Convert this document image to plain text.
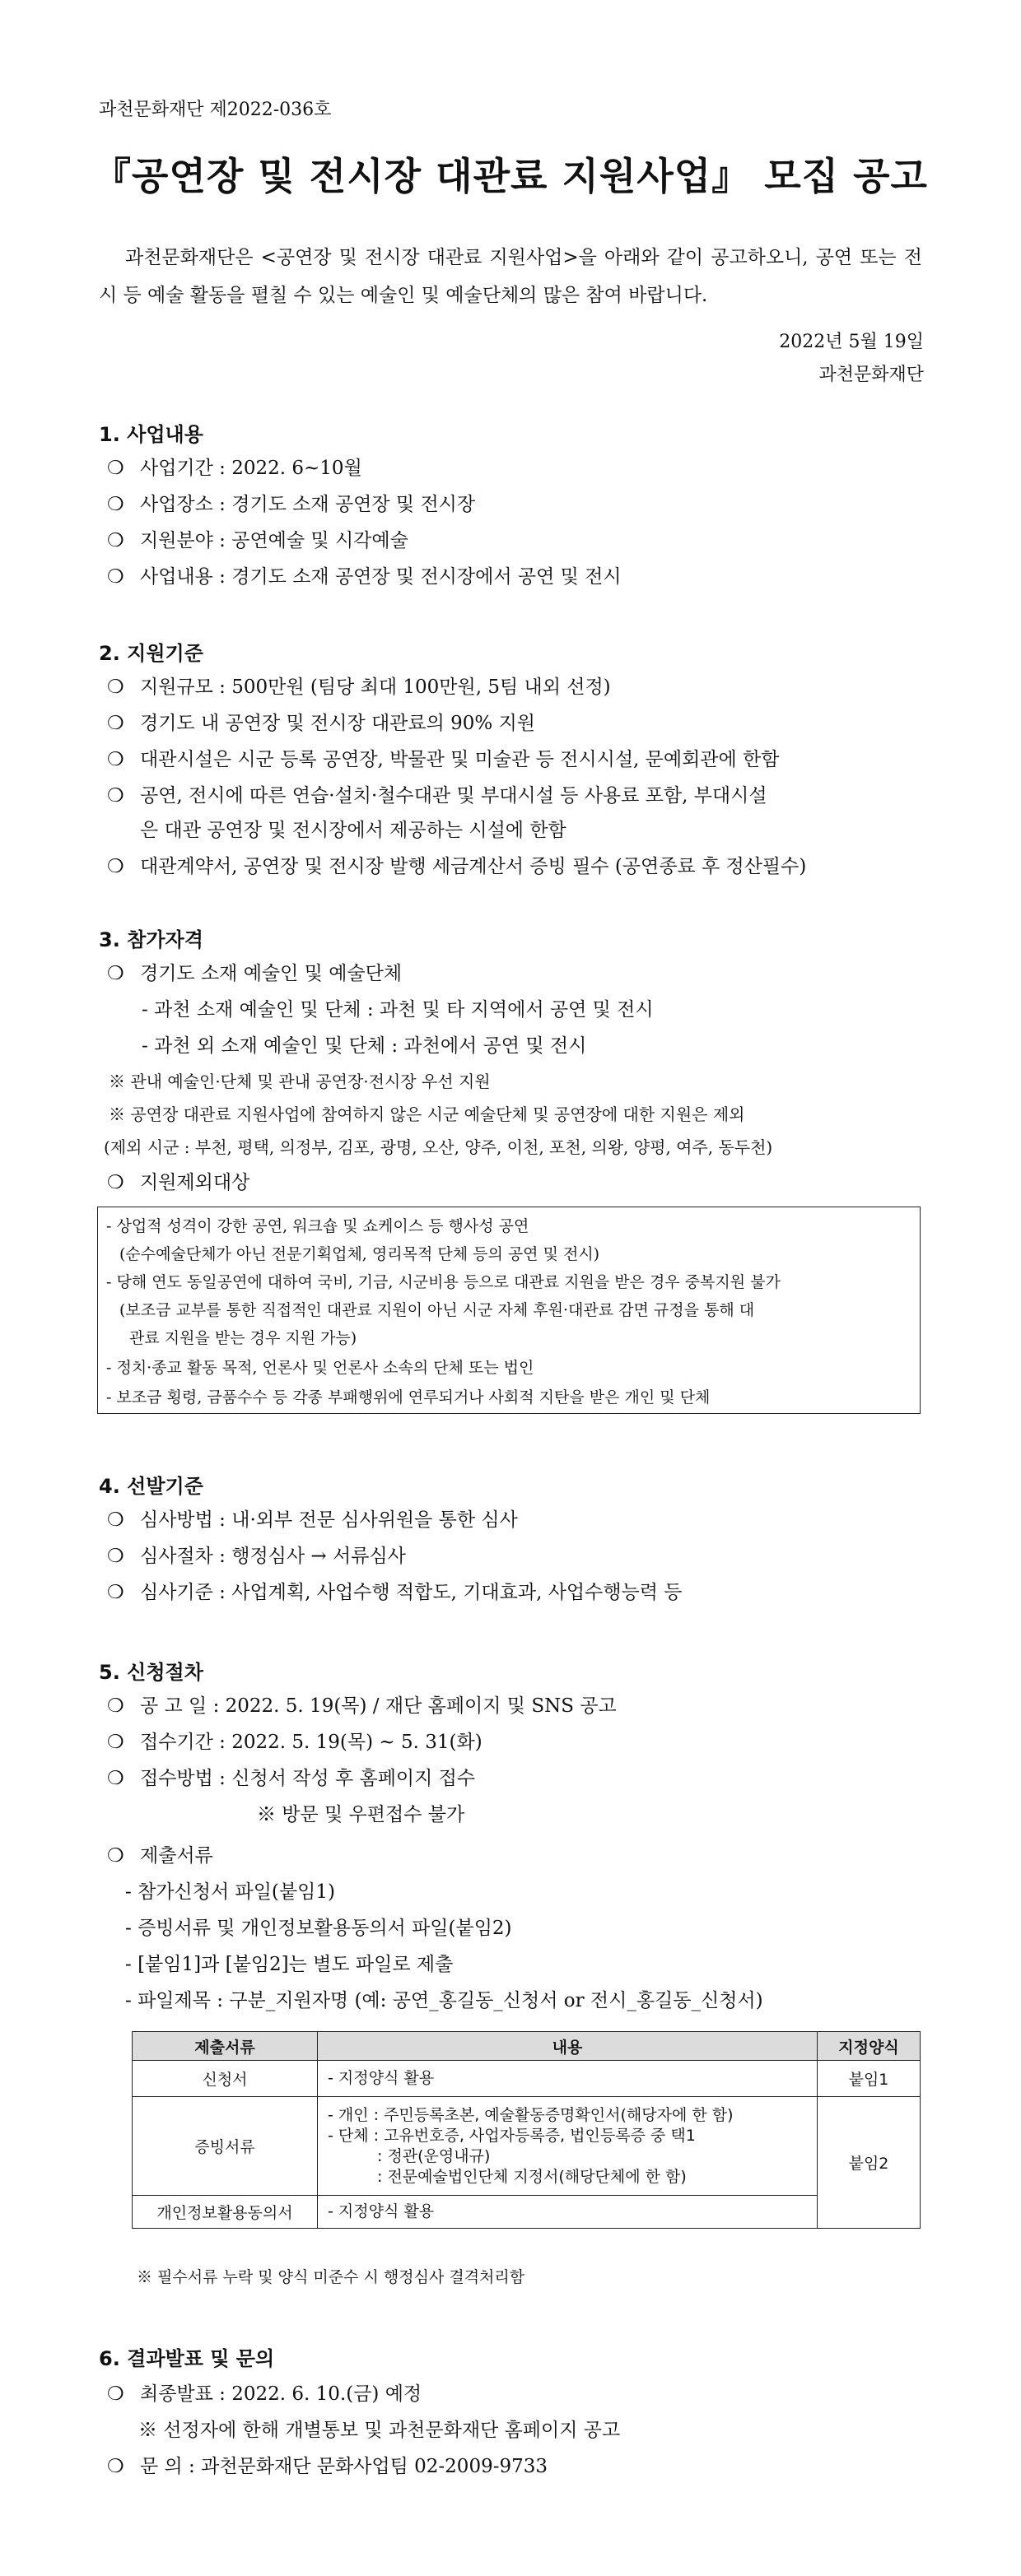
과천문화재단 제2022-036호
『공연장 및 전시장 대관료 지원사업』 모집 공고

과천문화재단은 <공연장 및 전시장 대관료 지원사업>을 아래와 같이 공고하오니, 공연 또는 전시 등 예술 활동을 펼칠 수 있는 예술인 및 예술단체의 많은 참여 바랍니다.

2022년 5월 19일
과천문화재단
1. 사업내용
❍ 사업기간 : 2022. 6~10월
❍ 사업장소 : 경기도 소재 공연장 및 전시장
❍ 지원분야 : 공연예술 및 시각예술
❍ 사업내용 : 경기도 소재 공연장 및 전시장에서 공연 및 전시
2. 지원기준
❍ 지원규모 : 500만원 (팀당 최대 100만원, 5팀 내외 선정)
❍ 경기도 내 공연장 및 전시장 대관료의 90% 지원
❍ 대관시설은 시군 등록 공연장, 박물관 및 미술관 등 전시시설, 문예회관에 한함
❍ 공연, 전시에 따른 연습·설치·철수대관 및 부대시설 등 사용료 포함, 부대시설
은 대관 공연장 및 전시장에서 제공하는 시설에 한함
❍ 대관계약서, 공연장 및 전시장 발행 세금계산서 증빙 필수 (공연종료 후 정산필수)
3. 참가자격
❍ 경기도 소재 예술인 및 예술단체
- 과천 소재 예술인 및 단체 : 과천 및 타 지역에서 공연 및 전시
- 과천 외 소재 예술인 및 단체 : 과천에서 공연 및 전시
※ 관내 예술인·단체 및 관내 공연장·전시장 우선 지원
※ 공연장 대관료 지원사업에 참여하지 않은 시군 예술단체 및 공연장에 대한 지원은 제외
(제외 시군 : 부천, 평택, 의정부, 김포, 광명, 오산, 양주, 이천, 포천, 의왕, 양평, 여주, 동두천)
❍ 지원제외대상
- 상업적 성격이 강한 공연, 워크숍 및 쇼케이스 등 행사성 공연
(순수예술단체가 아닌 전문기획업체, 영리목적 단체 등의 공연 및 전시)
- 당해 연도 동일공연에 대하여 국비, 기금, 시군비용 등으로 대관료 지원을 받은 경우 중복지원 불가
(보조금 교부를 통한 직접적인 대관료 지원이 아닌 시군 자체 후원·대관료 감면 규정을 통해 대
관료 지원을 받는 경우 지원 가능)
- 정치·종교 활동 목적, 언론사 및 언론사 소속의 단체 또는 법인
- 보조금 횡령, 금품수수 등 각종 부패행위에 연루되거나 사회적 지탄을 받은 개인 및 단체
4. 선발기준
❍ 심사방법 : 내·외부 전문 심사위원을 통한 심사
❍ 심사절차 : 행정심사 → 서류심사
❍ 심사기준 : 사업계획, 사업수행 적합도, 기대효과, 사업수행능력 등
5. 신청절차
❍ 공 고 일 : 2022. 5. 19(목) / 재단 홈페이지 및 SNS 공고
❍ 접수기간 : 2022. 5. 19(목) ~ 5. 31(화)
❍ 접수방법 : 신청서 작성 후 홈페이지 접수
※ 방문 및 우편접수 불가
❍ 제출서류
- 참가신청서 파일(붙임1)
- 증빙서류 및 개인정보활용동의서 파일(붙임2)
- [붙임1]과 [붙임2]는 별도 파일로 제출
- 파일제목 : 구분_지원자명 (예: 공연_홍길동_신청서 or 전시_홍길동_신청서)
제출서류	내용	지정양식
신청서	- 지정양식 활용	붙임1
증빙서류	- 개인 : 주민등록초본, 예술활동증명확인서(해당자에 한 함)
- 단체 : 고유번호증, 사업자등록증, 법인등록증 중 택1
: 정관(운영내규)
: 전문예술법인단체 지정서(해당단체에 한 함)	붙임2
개인정보활용동의서	- 지정양식 활용	
※ 필수서류 누락 및 양식 미준수 시 행정심사 결격처리함
6. 결과발표 및 문의
❍ 최종발표 : 2022. 6. 10.(금) 예정
※ 선정자에 한해 개별통보 및 과천문화재단 홈페이지 공고
❍ 문 의 : 과천문화재단 문화사업팀 02-2009-9733
